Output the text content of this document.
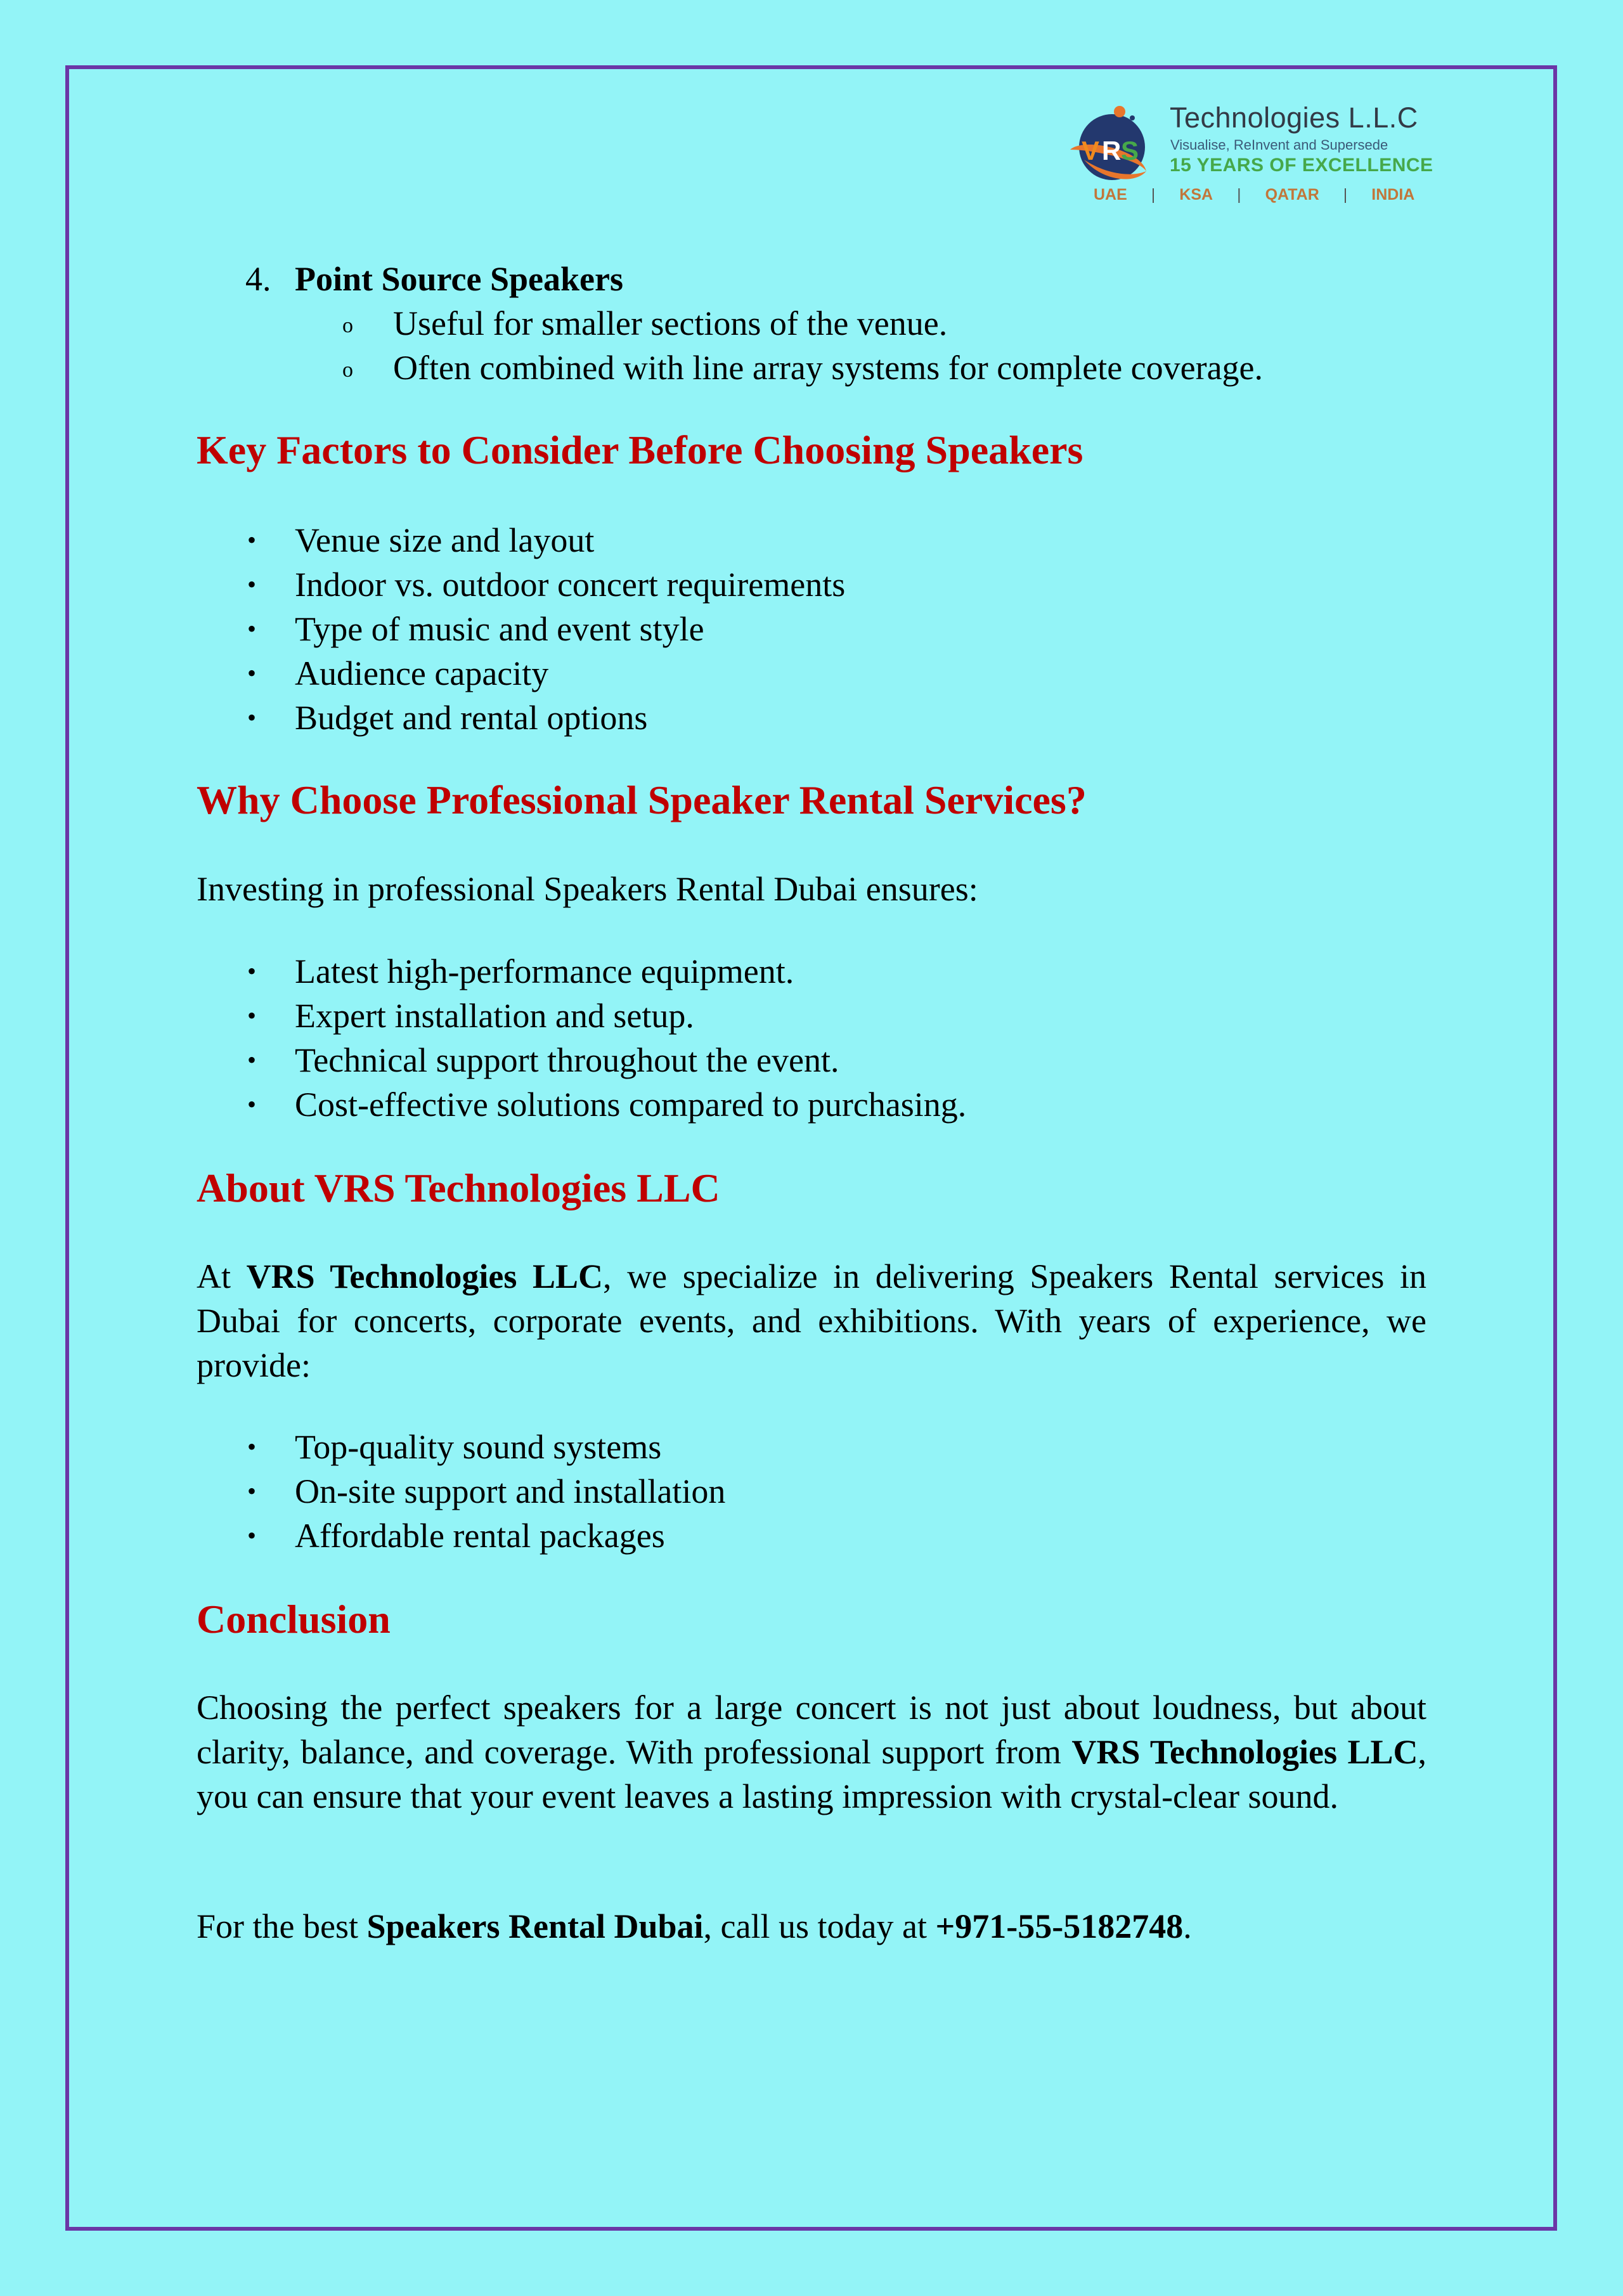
V R S
Technologies L.L.C
Visualise, ReInvent and Supersede
15 YEARS OF EXCELLENCE
UAE | KSA | QATAR | INDIA
4. Point Source Speakers
o Useful for smaller sections of the venue.
o Often combined with line array systems for complete coverage.
Key Factors to Consider Before Choosing Speakers
• Venue size and layout
• Indoor vs. outdoor concert requirements
• Type of music and event style
• Audience capacity
• Budget and rental options
Why Choose Professional Speaker Rental Services?
Investing in professional Speakers Rental Dubai ensures:
• Latest high-performance equipment.
• Expert installation and setup.
• Technical support throughout the event.
• Cost-effective solutions compared to purchasing.
About VRS Technologies LLC
At VRS Technologies LLC, we specialize in delivering Speakers Rental services in Dubai for concerts, corporate events, and exhibitions. With years of experience, we provide:
• Top-quality sound systems
• On-site support and installation
• Affordable rental packages
Conclusion
Choosing the perfect speakers for a large concert is not just about loudness, but about clarity, balance, and coverage. With professional support from VRS Technologies LLC, you can ensure that your event leaves a lasting impression with crystal-clear sound.
For the best Speakers Rental Dubai, call us today at +971-55-5182748.
